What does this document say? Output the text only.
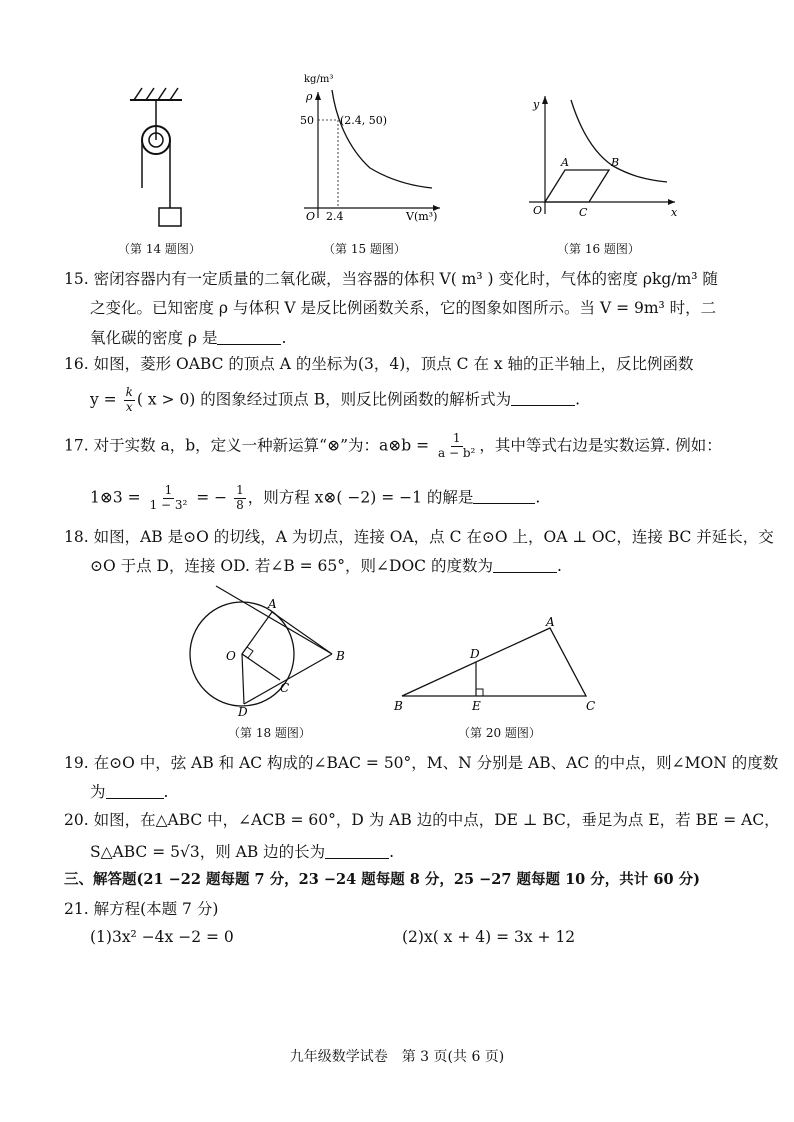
（第 14 题图）
kg/m³
ρ
50 (2.4, 50)
O 2.4	V(m³)
（第 15 题图）
y
x
O
A	B
C
（第 16 题图）
15. 密闭容器内有一定质量的二氧化碳，当容器的体积 V( m³ ) 变化时，气体的密度 ρkg/m³ 随
之变化。已知密度 ρ 与体积 V 是反比例函数关系，它的图象如图所示。当 V = 9m³ 时，二
氧化碳的密度 ρ 是	.
16. 如图，菱形 OABC 的顶点 A 的坐标为(3，4)，顶点 C 在 x 轴的正半轴上，反比例函数
$y = \frac{k}{x}$ ( x > 0) 的图象经过顶点 B，则反比例函数的解析式为	.
17. 对于实数 a，b，定义一种新运算“⊗”为：a⊗b = $\frac{1}{\text{a − b²}}$ ，其中等式右边是实数运算. 例如：
1⊗3 = $\frac{1}{\text{1 − 3²}}$ = − $\frac{1}{8}$ ，则方程 x⊗( −2) = −1 的解是	.
18. 如图，AB 是⊙O 的切线，A 为切点，连接 OA，点 C 在⊙O 上，OA ⊥ OC，连接 BC 并延长，交
⊙O 于点 D，连接 OD. 若∠B = 65°，则∠DOC 的度数为	.
O
A
B
C
D
（第 18 题图）
A
B	C
D
E
（第 20 题图）
19. 在⊙O 中，弦 AB 和 AC 构成的∠BAC = 50°，M、N 分别是 AB、AC 的中点，则∠MON 的度数
为	.
20. 如图，在△ABC 中，∠ACB = 60°，D 为 AB 边的中点，DE ⊥ BC，垂足为点 E，若 BE = AC，
S△ABC = 5√3，则 AB 边的长为	.
三、解答题(21 −22 题每题 7 分，23 −24 题每题 8 分，25 −27 题每题 10 分，共计 60 分)
21. 解方程(本题 7 分)
(1)3x² −4x −2 = 0	(2)x( x + 4) = 3x + 12
九年级数学试卷　第 3 页(共 6 页)
